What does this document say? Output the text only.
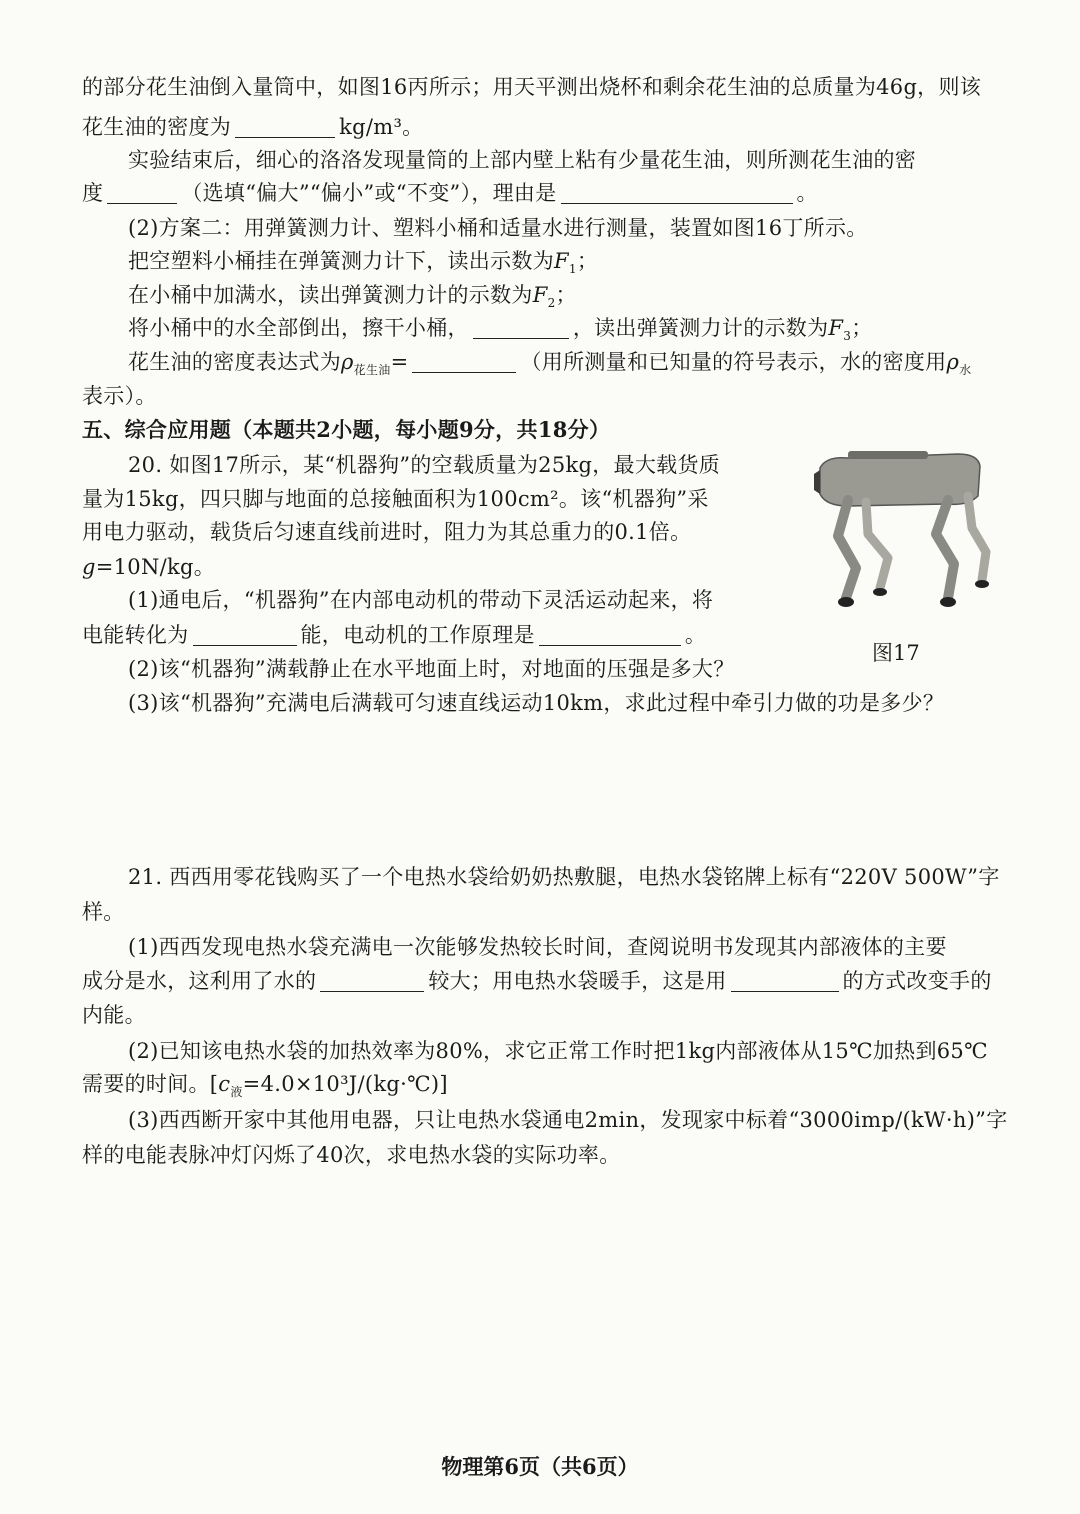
的部分花生油倒入量筒中，如图16丙所示；用天平测出烧杯和剩余花生油的总质量为46g，则该
花生油的密度为	kg/m³。
实验结束后，细心的洛洛发现量筒的上部内壁上粘有少量花生油，则所测花生油的密
度	（选填“偏大”“偏小”或“不变”），理由是	。
(2)方案二：用弹簧测力计、塑料小桶和适量水进行测量，装置如图16丁所示。
把空塑料小桶挂在弹簧测力计下，读出示数为$F_1$；
在小桶中加满水，读出弹簧测力计的示数为$F_2$；
将小桶中的水全部倒出，擦干小桶，	，读出弹簧测力计的示数为$F_3$；
花生油的密度表达式为$\rho_{花生油}=$	（用所测量和已知量的符号表示，水的密度用$\rho_水$
表示）。
五、综合应用题（本题共2小题，每小题9分，共18分）
20. 如图17所示，某“机器狗”的空载质量为25kg，最大载货质
量为15kg，四只脚与地面的总接触面积为100cm²。该“机器狗”采
用电力驱动，载货后匀速直线前进时，阻力为其总重力的0.1倍。
g=10N/kg。
(1)通电后，“机器狗”在内部电动机的带动下灵活运动起来，将
电能转化为	能，电动机的工作原理是	。
(2)该“机器狗”满载静止在水平地面上时，对地面的压强是多大？
(3)该“机器狗”充满电后满载可匀速直线运动10km，求此过程中牵引力做的功是多少？
图17
21. 西西用零花钱购买了一个电热水袋给奶奶热敷腿，电热水袋铭牌上标有“220V 500W”字
样。
(1)西西发现电热水袋充满电一次能够发热较长时间，查阅说明书发现其内部液体的主要
成分是水，这利用了水的	较大；用电热水袋暖手，这是用	的方式改变手的
内能。
(2)已知该电热水袋的加热效率为80%，求它正常工作时把1kg内部液体从15℃加热到65℃
需要的时间。$[c_液=4.0\times 10^3J/(kg\cdot℃)]$
(3)西西断开家中其他用电器，只让电热水袋通电2min，发现家中标着“3000imp/(kW·h)”字
样的电能表脉冲灯闪烁了40次，求电热水袋的实际功率。
物理第6页（共6页）
